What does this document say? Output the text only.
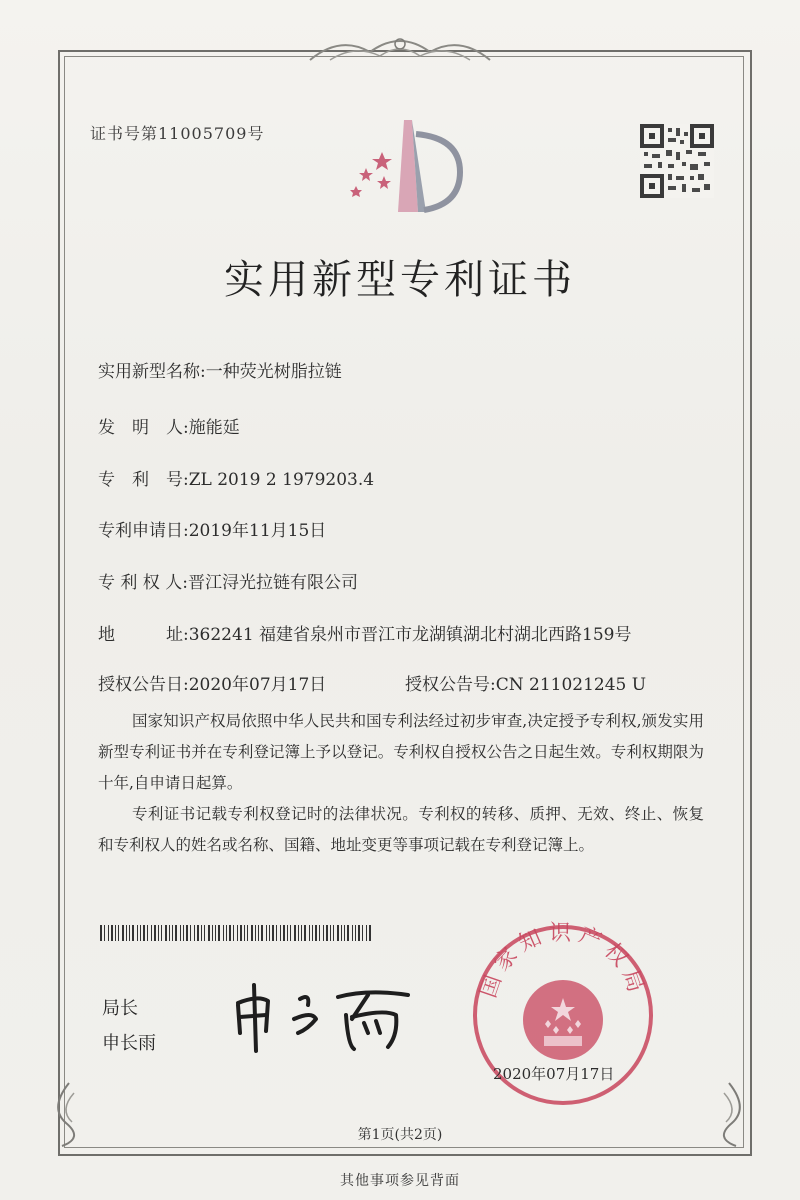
证书号第11005709号
实用新型专利证书
实用新型名称:一种荧光树脂拉链
发　明　人:施能延
专　利　号:ZL 2019 2 1979203.4
专利申请日:2019年11月15日
专 利 权 人:晋江浔光拉链有限公司
地　　　址:362241 福建省泉州市晋江市龙湖镇湖北村湖北西路159号
授权公告日:2020年07月17日	授权公告号:CN 211021245 U
国家知识产权局依照中华人民共和国专利法经过初步审查,决定授予专利权,颁发实用新型专利证书并在专利登记簿上予以登记。专利权自授权公告之日起生效。专利权期限为十年,自申请日起算。
专利证书记载专利权登记时的法律状况。专利权的转移、质押、无效、终止、恢复和专利权人的姓名或名称、国籍、地址变更等事项记载在专利登记簿上。
局长
申长雨
国家知识产权局
2020年07月17日
第1页(共2页)
其他事项参见背面
